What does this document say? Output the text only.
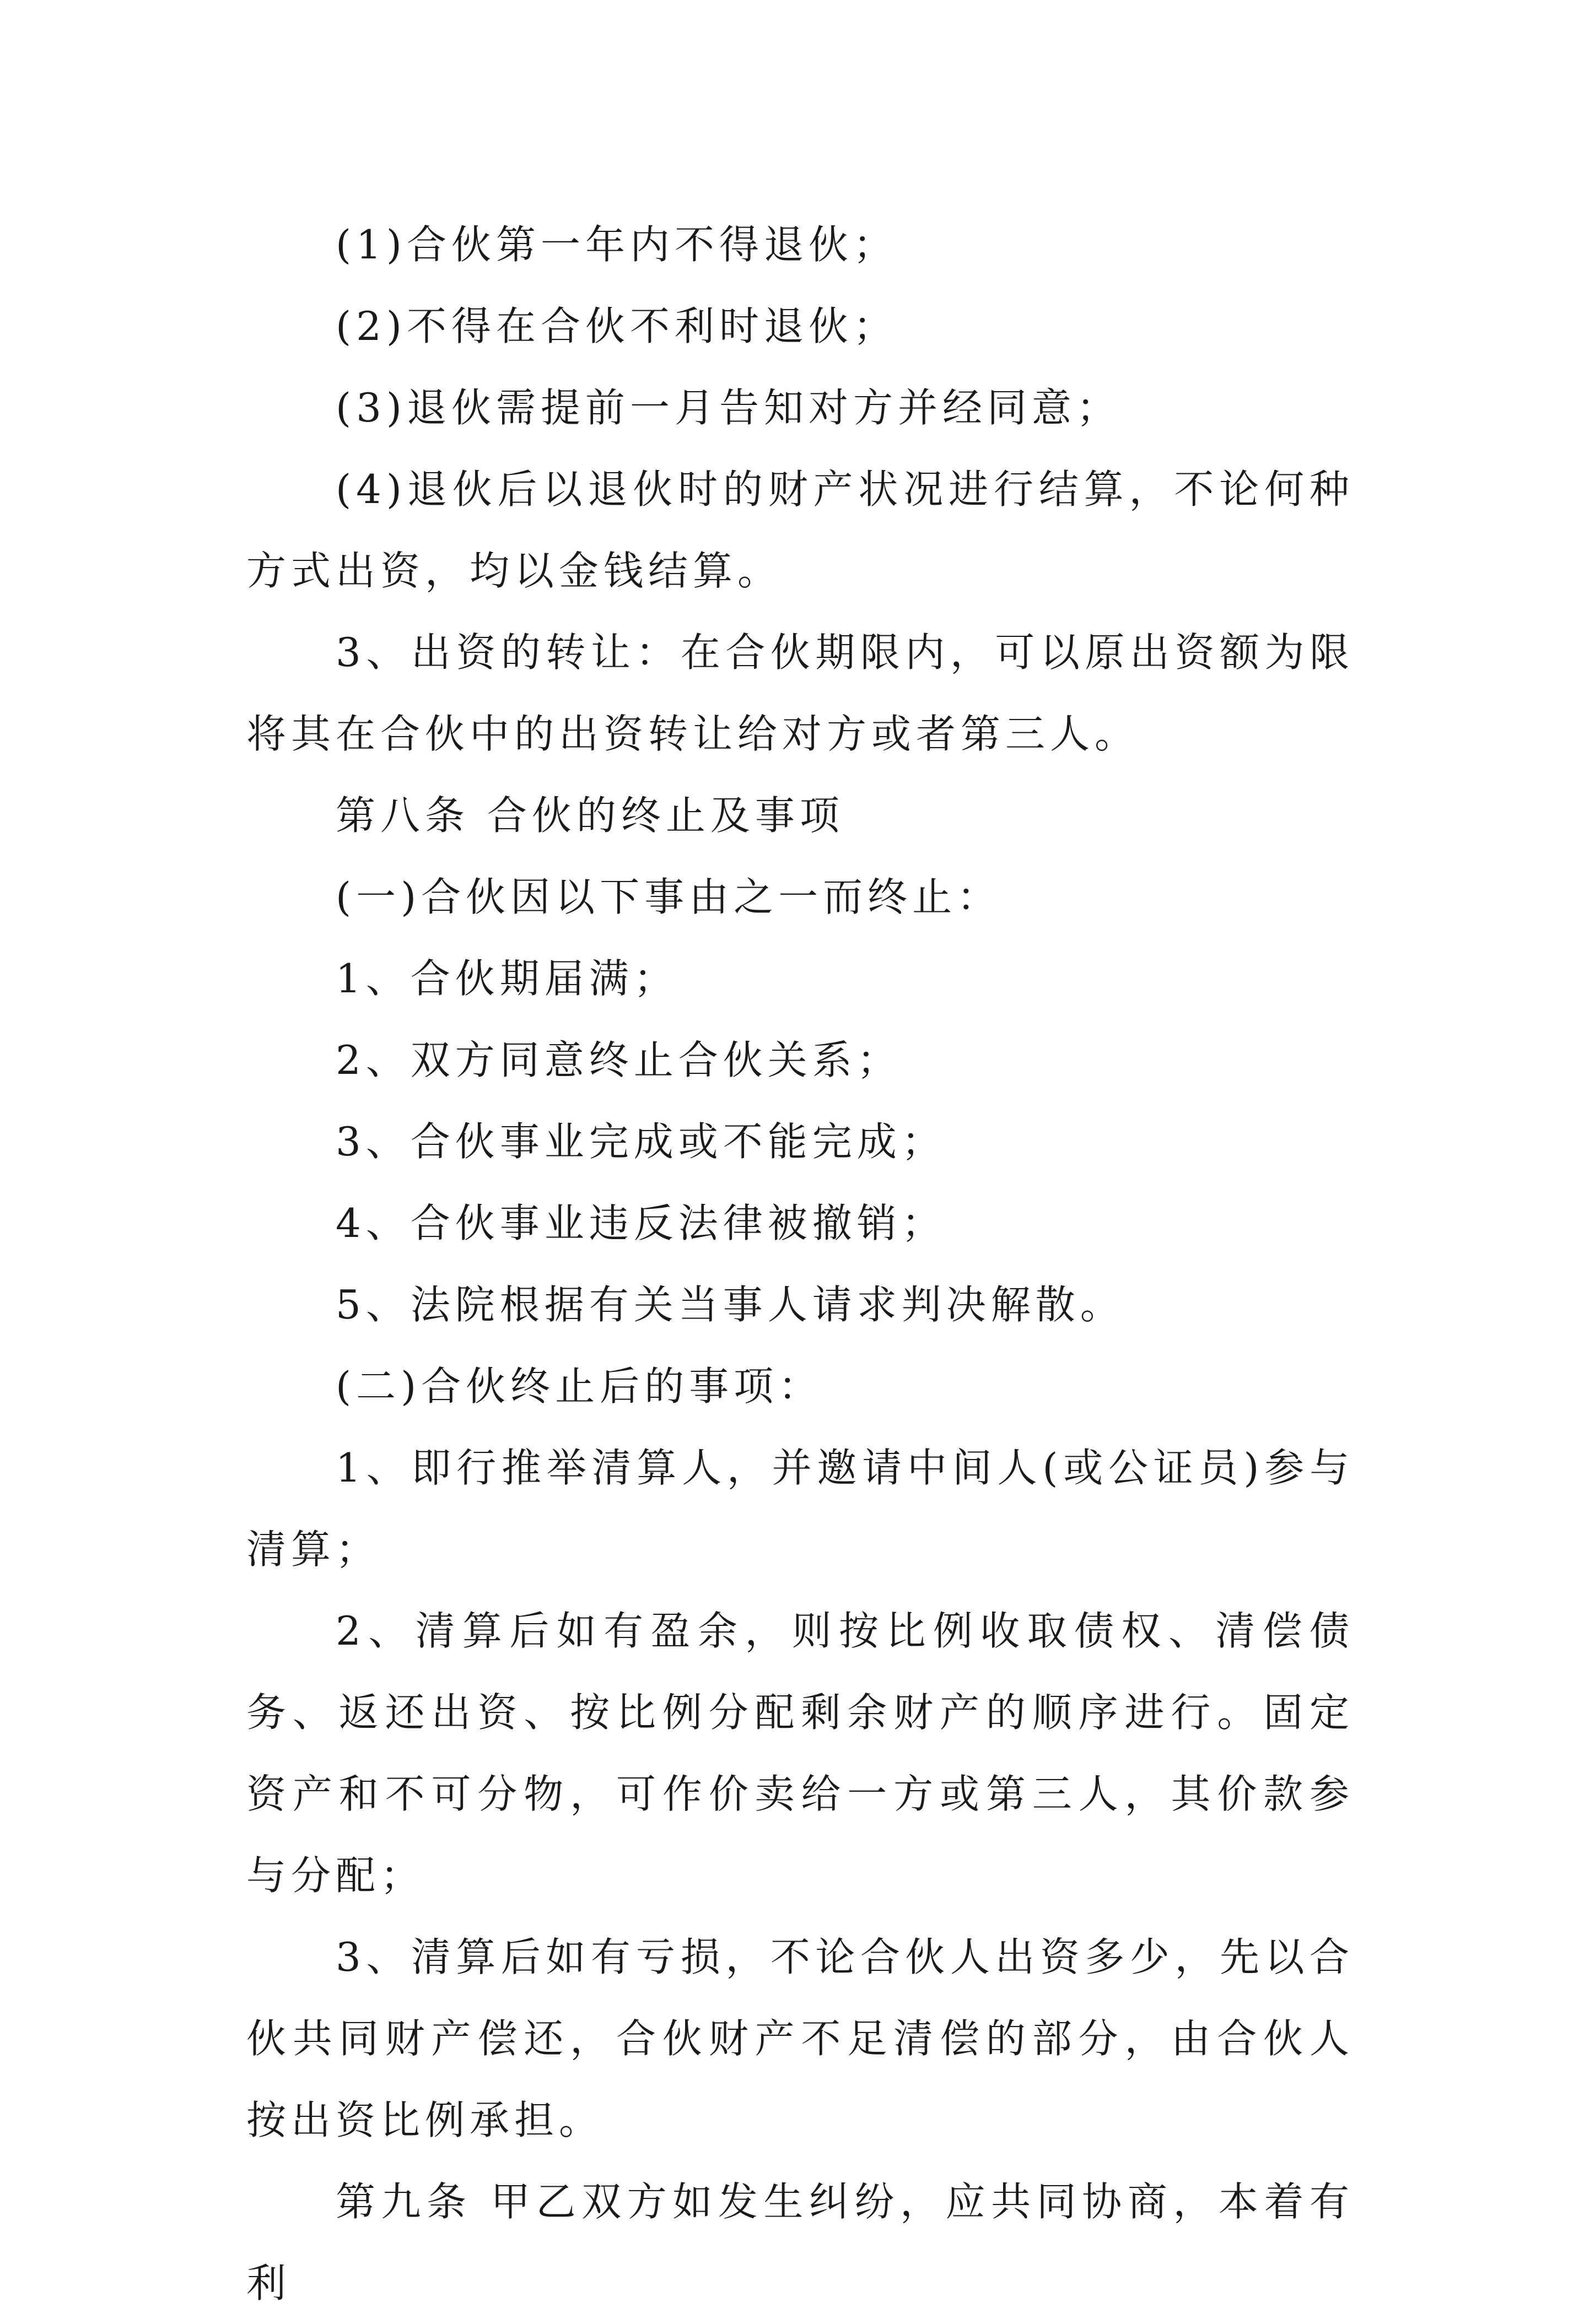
(1)合伙第一年内不得退伙；

(2)不得在合伙不利时退伙；

(3)退伙需提前一月告知对方并经同意；

(4)退伙后以退伙时的财产状况进行结算，不论何种方式出资，均以金钱结算。

3、出资的转让：在合伙期限内，可以原出资额为限将其在合伙中的出资转让给对方或者第三人。

第八条 合伙的终止及事项

(一)合伙因以下事由之一而终止：

1、合伙期届满；

2、双方同意终止合伙关系；

3、合伙事业完成或不能完成；

4、合伙事业违反法律被撤销；

5、法院根据有关当事人请求判决解散。

(二)合伙终止后的事项：

1、即行推举清算人，并邀请中间人(或公证员)参与清算；

2、清算后如有盈余，则按比例收取债权、清偿债务、返还出资、按比例分配剩余财产的顺序进行。固定资产和不可分物，可作价卖给一方或第三人，其价款参与分配；

3、清算后如有亏损，不论合伙人出资多少，先以合伙共同财产偿还，合伙财产不足清偿的部分，由合伙人按出资比例承担。

第九条 甲乙双方如发生纠纷，应共同协商，本着有利
